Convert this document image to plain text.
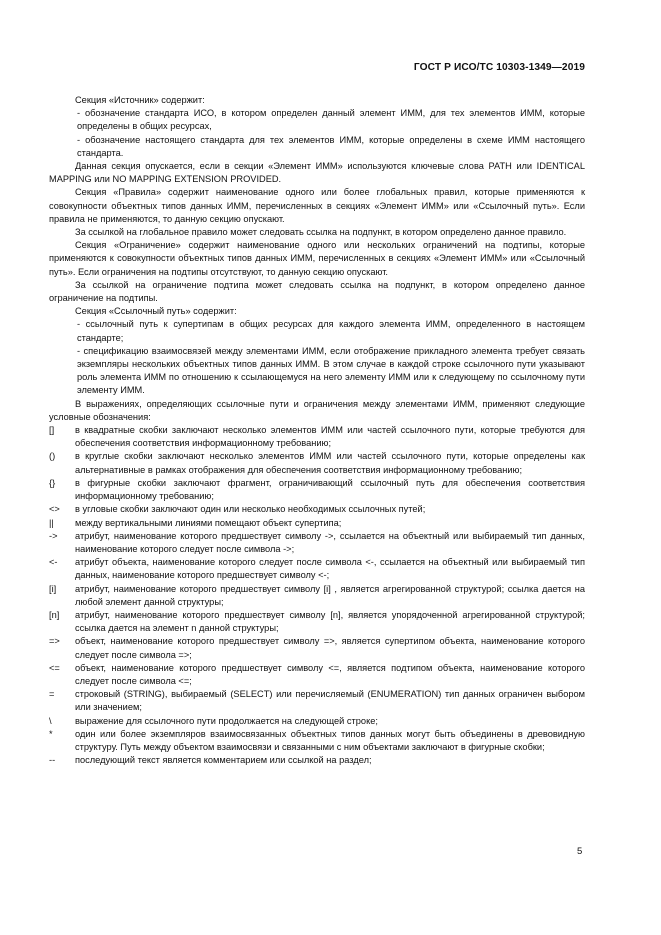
ГОСТ Р ИСО/ТС 10303-1349—2019

Секция «Источник» содержит:

- обозначение стандарта ИСО, в котором определен данный элемент ИММ, для тех элементов ИММ, которые определены в общих ресурсах,

- обозначение настоящего стандарта для тех элементов ИММ, которые определены в схеме ИММ настоящего стандарта.

Данная секция опускается, если в секции «Элемент ИММ» используются ключевые слова PATH или IDENTICAL MAPPING или NO MAPPING EXTENSION PROVIDED.

Секция «Правила» содержит наименование одного или более глобальных правил, которые применяются к совокупности объектных типов данных ИММ, перечисленных в секциях «Элемент ИММ» или «Ссылочный путь». Если правила не применяются, то данную секцию опускают.

За ссылкой на глобальное правило может следовать ссылка на подпункт, в котором определено данное правило.

Секция «Ограничение» содержит наименование одного или нескольких ограничений на подтипы, которые применяются к совокупности объектных типов данных ИММ, перечисленных в секциях «Элемент ИММ» или «Ссылочный путь». Если ограничения на подтипы отсутствуют, то данную секцию опускают.

За ссылкой на ограничение подтипа может следовать ссылка на подпункт, в котором определено данное ограничение на подтипы.

Секция «Ссылочный путь» содержит:

- ссылочный путь к супертипам в общих ресурсах для каждого элемента ИММ, определенного в настоящем стандарте;

- спецификацию взаимосвязей между элементами ИММ, если отображение прикладного элемента требует связать экземпляры нескольких объектных типов данных ИММ. В этом случае в каждой строке ссылочного пути указывают роль элемента ИММ по отношению к ссылающемуся на него элементу ИММ или к следующему по ссылочному пути элементу ИММ.

В выражениях, определяющих ссылочные пути и ограничения между элементами ИММ, применяют следующие условные обозначения:

[]	в квадратные скобки заключают несколько элементов ИММ или частей ссылочного пути, которые требуются для обеспечения соответствия информационному требованию;
()	в круглые скобки заключают несколько элементов ИММ или частей ссылочного пути, которые определены как альтернативные в рамках отображения для обеспечения соответствия информационному требованию;
{}	в фигурные скобки заключают фрагмент, ограничивающий ссылочный путь для обеспечения соответствия информационному требованию;
<>	в угловые скобки заключают один или несколько необходимых ссылочных путей;
||	между вертикальными линиями помещают объект супертипа;
->	атрибут, наименование которого предшествует символу ->, ссылается на объектный или выбираемый тип данных, наименование которого следует после символа ->;
<-	атрибут объекта, наименование которого следует после символа <-, ссылается на объектный или выбираемый тип данных, наименование которого предшествует символу <-;
[i]	атрибут, наименование которого предшествует символу [i] , является агрегированной структурой; ссылка дается на любой элемент данной структуры;
[n]	атрибут, наименование которого предшествует символу [n], является упорядоченной агрегированной структурой; ссылка дается на элемент n данной структуры;
=>	объект, наименование которого предшествует символу =>, является супертипом объекта, наименование которого следует после символа =>;
<=	объект, наименование которого предшествует символу <=, является подтипом объекта, наименование которого следует после символа <=;
=	строковый (STRING), выбираемый (SELECT) или перечисляемый (ENUMERATION) тип данных ограничен выбором или значением;
\	выражение для ссылочного пути продолжается на следующей строке;
*	один или более экземпляров взаимосвязанных объектных типов данных могут быть объединены в древовидную структуру. Путь между объектом взаимосвязи и связанными с ним объектами заключают в фигурные скобки;
--	последующий текст является комментарием или ссылкой на раздел;
5
